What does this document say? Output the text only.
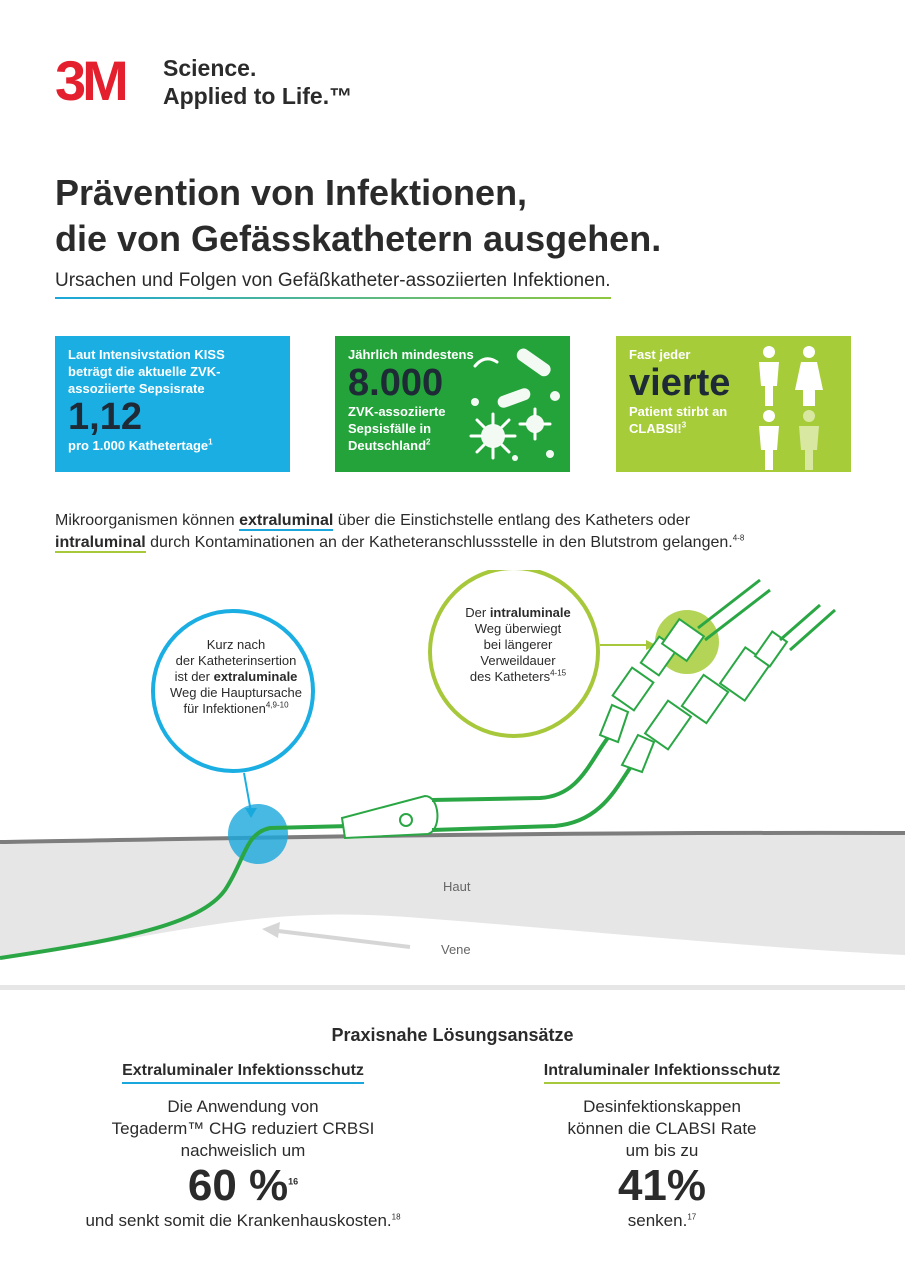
3M Science.
Applied to Life.™
Prävention von Infektionen,
die von Gefässkathetern ausgehen.
Ursachen und Folgen von Gefäßkatheter-assoziierten Infektionen.
Laut Intensivstation KISS
beträgt die aktuelle ZVK-
assoziierte Sepsisrate
1,12
pro 1.000 Kathetertage$^1$
Jährlich mindestens
8.000
ZVK-assoziierte
Sepsisfälle in
Deutschland$^2$
Fast jeder
vierte
Patient stirbt an
CLABSI!$^3$
Mikroorganismen können extraluminal über die Einstichstelle entlang des Katheters oder
intraluminal durch Kontaminationen an der Katheteranschlussstelle in den Blutstrom gelangen.$^{4-8}$
Kurz nach
der Katheterinsertion
ist der extraluminale
Weg die Hauptursache
für Infektionen$^{4,9-10}$
Der intraluminale
Weg überwiegt
bei längerer
Verweildauer
des Katheters$^{4-15}$
Haut
Vene
Praxisnahe Lösungsansätze
Extraluminaler Infektionsschutz
Die Anwendung von
Tegaderm™ CHG reduziert CRBSI
nachweislich um
60 %$^{16}$
und senkt somit die Krankenhauskosten.$^{18}$
Intraluminaler Infektionsschutz
Desinfektionskappen
können die CLABSI Rate
um bis zu
41%
senken.$^{17}$
